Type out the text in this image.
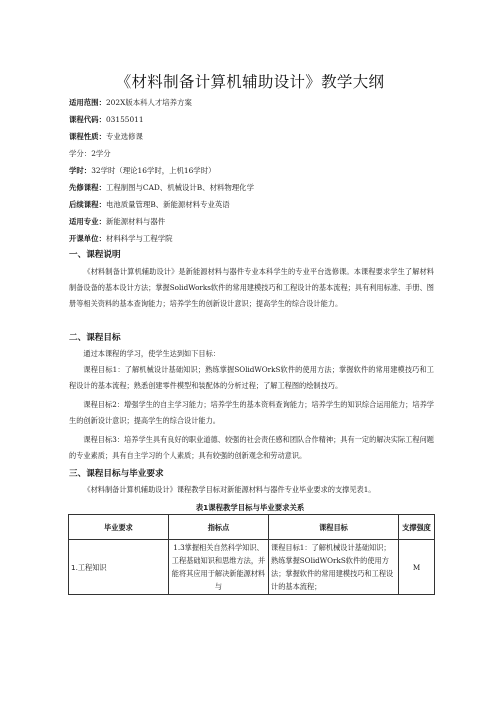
《材料制备计算机辅助设计》教学大纲
适用范围：202X版本科人才培养方案
课程代码：03155011
课程性质：专业选修课
学分：2学分
学时：32学时（理论16学时，上机16学时）
先修课程：工程制图与CAD、机械设计B、材料物理化学
后续课程：电池质量管理B、新能源材料专业英语
适用专业：新能源材料与器件
开课单位：材料科学与工程学院
一、课程说明
《材料制备计算机辅助设计》是新能源材料与器件专业本科学生的专业平台选修课。本课程要求学生了解材料制备设备的基本设计方法；掌握SolidWorks软件的常用建模技巧和工程设计的基本流程；具有利用标准、手册、图册等相关资料的基本查询能力；培养学生的创新设计意识；提高学生的综合设计能力。
二、课程目标
通过本课程的学习，使学生达到如下目标：
课程目标1：了解机械设计基础知识；熟练掌握SOlidWOrkS软件的使用方法；掌握软件的常用建模技巧和工程设计的基本流程；熟悉创建零件模型和装配体的分析过程；了解工程图的绘制技巧。
课程目标2：增强学生的自主学习能力；培养学生的基本资料查询能力；培养学生的知识综合运用能力；培养学生的创新设计意识；提高学生的综合设计能力。
课程目标3：培养学生具有良好的职业道德、较强的社会责任感和团队合作精神；具有一定的解决实际工程问题的专业素质；具有自主学习的个人素质；具有较强的创新观念和劳动意识。
三、课程目标与毕业要求
《材料制备计算机辅助设计》课程教学目标对新能源材料与器件专业毕业要求的支撑见表1。
表1课程教学目标与毕业要求关系
毕业要求	指标点	课程目标	支撑强度
1.工程知识	1.3掌握相关自然科学知识、工程基础知识和思维方法，并能将其应用于解决新能源材料与	课程目标1：了解机械设计基础知识；熟练掌握SOlidWOrkS软件的使用方法；掌握软件的常用建模技巧和工程设计的基本流程；	M
